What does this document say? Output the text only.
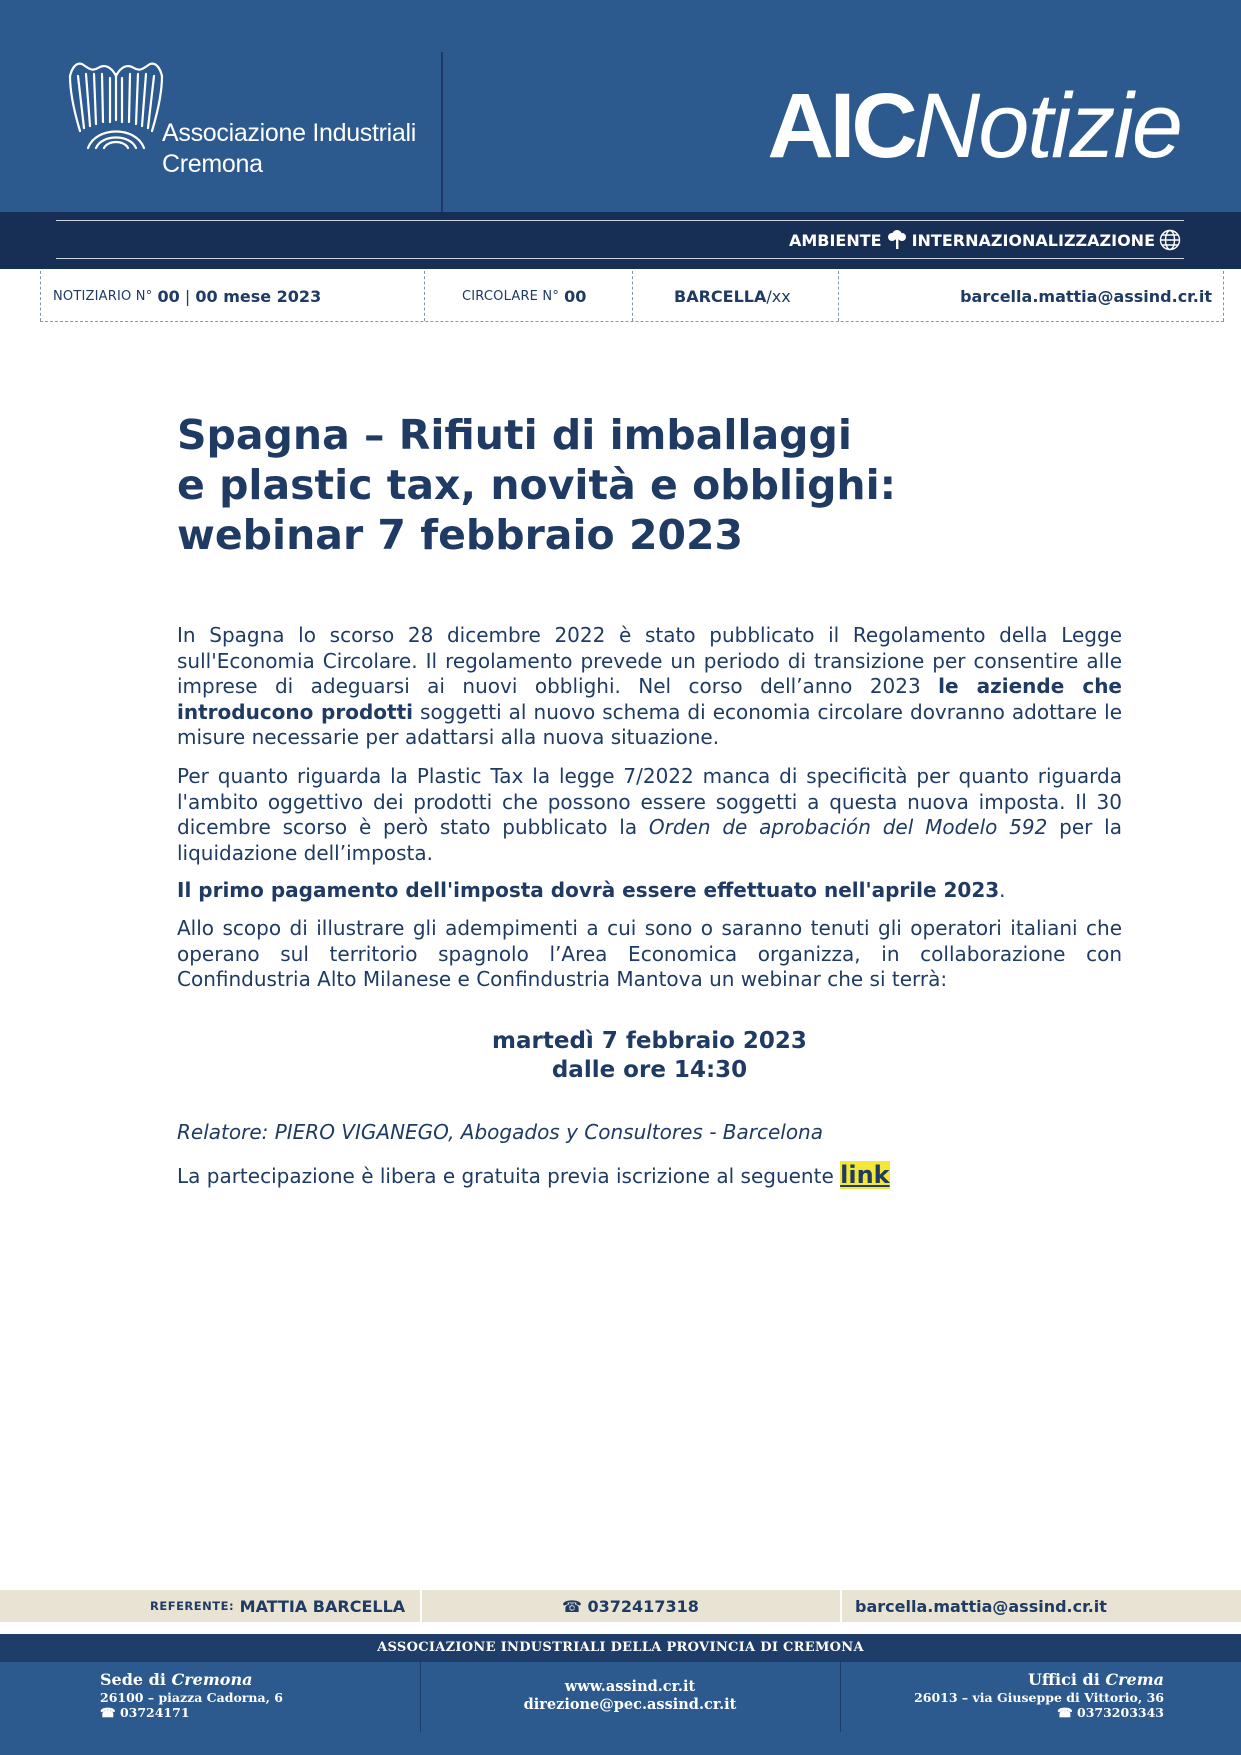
Associazione Industriali
Cremona	AICNotizie
AMBIENTE INTERNAZIONALIZZAZIONE
NOTIZIARIO N°
00
|
00 mese 2023	CIRCOLARE N°
00	BARCELLA /xx	barcella.mattia@assind.cr.it
Spagna – Rifiuti di imballaggi
e plastic tax, novità e obblighi:
webinar 7 febbraio 2023

In Spagna lo scorso 28 dicembre 2022 è stato pubblicato il Regolamento della Legge sull'Economia Circolare. Il regolamento prevede un periodo di transizione per consentire alle imprese di adeguarsi ai nuovi obblighi. Nel corso dell’anno 2023 le aziende che introducono prodotti soggetti al nuovo schema di economia circolare dovranno adottare le misure necessarie per adattarsi alla nuova situazione.

Per quanto riguarda la Plastic Tax la legge 7/2022 manca di specificità per quanto riguarda l'ambito oggettivo dei prodotti che possono essere soggetti a questa nuova imposta. Il 30 dicembre scorso è però stato pubblicato la Orden de aprobación del Modelo 592 per la liquidazione dell’imposta.

Il primo pagamento dell'imposta dovrà essere effettuato nell'aprile 2023.

Allo scopo di illustrare gli adempimenti a cui sono o saranno tenuti gli operatori italiani che operano sul territorio spagnolo l’Area Economica organizza, in collaborazione con Confindustria Alto Milanese e Confindustria Mantova un webinar che si terrà:

martedì 7 febbraio 2023
dalle ore 14:30
Relatore: PIERO VIGANEGO, Abogados y Consultores - Barcelona
La partecipazione è libera e gratuita previa iscrizione al seguente link
REFERENTE:
MATTIA BARCELLA	☎
0372417318	barcella.mattia@assind.cr.it
ASSOCIAZIONE INDUSTRIALI DELLA PROVINCIA DI CREMONA
Sede di Cremona
26100 – piazza Cadorna, 6
☎ 03724171
www.assind.cr.it
direzione@pec.assind.cr.it
Uffici di Crema
26013 – via Giuseppe di Vittorio, 36
☎ 0373203343
